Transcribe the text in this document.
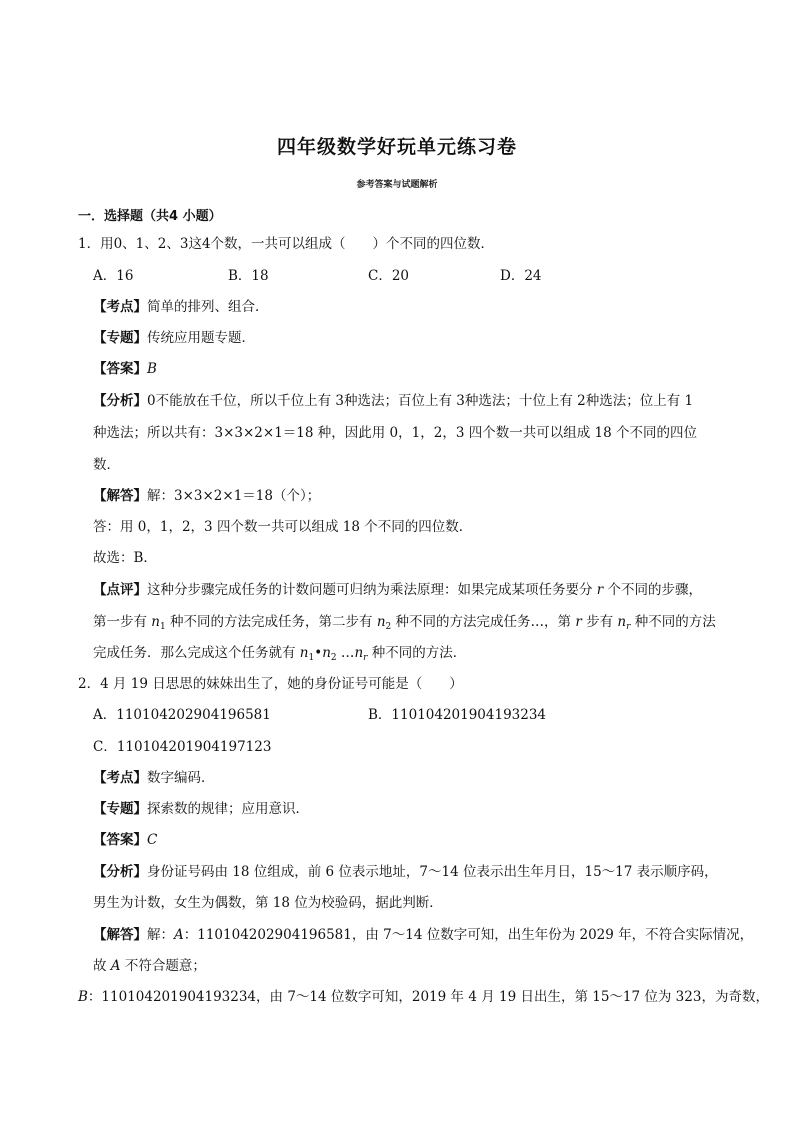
四年级数学好玩单元练习卷
参考答案与试题解析
一．选择题（共4 小题）
1．用0、1、2、3这4个数，一共可以组成（　　）个不同的四位数．
A．16	B．18	C．20	D．24
【考点】简单的排列、组合．
【专题】传统应用题专题．
【答案】B
【分析】0不能放在千位，所以千位上有 3种选法；百位上有 3种选法；十位上有 2种选法；位上有 1
种选法；所以共有：3×3×2×1＝18 种，因此用 0，1，2，3 四个数一共可以组成 18 个不同的四位
数．
【解答】解：3×3×2×1＝18（个）；
答：用 0，1，2，3 四个数一共可以组成 18 个不同的四位数．
故选：B．
【点评】这种分步骤完成任务的计数问题可归纳为乘法原理：如果完成某项任务要分 r 个不同的步骤，
第一步有 $n_1$ 种不同的方法完成任务，第二步有 $n_2$ 种不同的方法完成任务…，第 r 步有 $n_r$ 种不同的方法
完成任务．那么完成这个任务就有 $n_1•n_2$ $\dots n_r$ 种不同的方法．
2．4 月 19 日思思的妹妹出生了，她的身份证号可能是（　　）
A．110104202904196581	B．110104201904193234
C．110104201904197123
【考点】数字编码．
【专题】探索数的规律；应用意识．
【答案】C
【分析】身份证号码由 18 位组成，前 6 位表示地址，7～14 位表示出生年月日，15～17 表示顺序码，
男生为计数，女生为偶数，第 18 位为校验码，据此判断．
【解答】解：A：110104202904196581，由 7～14 位数字可知，出生年份为 2029 年，不符合实际情况，
故 A 不符合题意；
B：110104201904193234，由 7～14 位数字可知，2019 年 4 月 19 日出生，第 15～17 位为 323，为奇数，
